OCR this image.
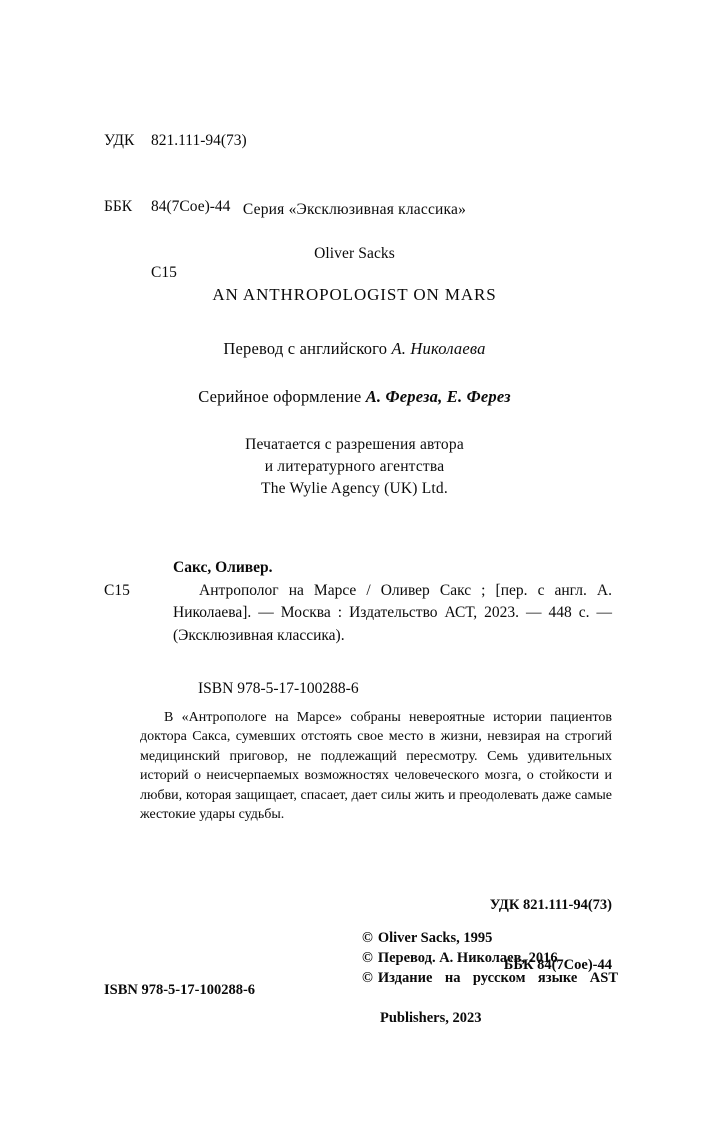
УДК 821.111-94(73)

ББК 84(7Сое)-44

С15

Серия «Эксклюзивная классика»
Oliver Sacks
AN ANTHROPOLOGIST ON MARS
Перевод с английского А. Николаева
Серийное оформление А. Фереза, Е. Ферез
Печатается с разрешения автора
и литературного агентства
The Wylie Agency (UK) Ltd.
Сакс, Оливер.
С15	Антрополог на Марсе / Оливер Сакс ; [пер. с англ. А. Николаева]. — Москва : Издательство АСТ, 2023. — 448 с. — (Эксклюзивная классика).
ISBN 978-5-17-100288-6

В «Антропологе на Марсе» собраны невероятные истории пациентов доктора Сакса, сумевших отстоять свое место в жизни, невзирая на строгий медицинский приговор, не подлежащий пересмотру. Семь удивительных историй о неисчерпаемых возможностях человеческого мозга, о стойкости и любви, которая защищает, спасает, дает силы жить и преодолевать даже самые жестокие удары судьбы.

УДК 821.111-94(73)

ББК 84(7Сое)-44

© Oliver Sacks, 1995
© Перевод. А. Николаев, 2016
© Издание на русском языке AST
Publishers, 2023
ISBN 978-5-17-100288-6
